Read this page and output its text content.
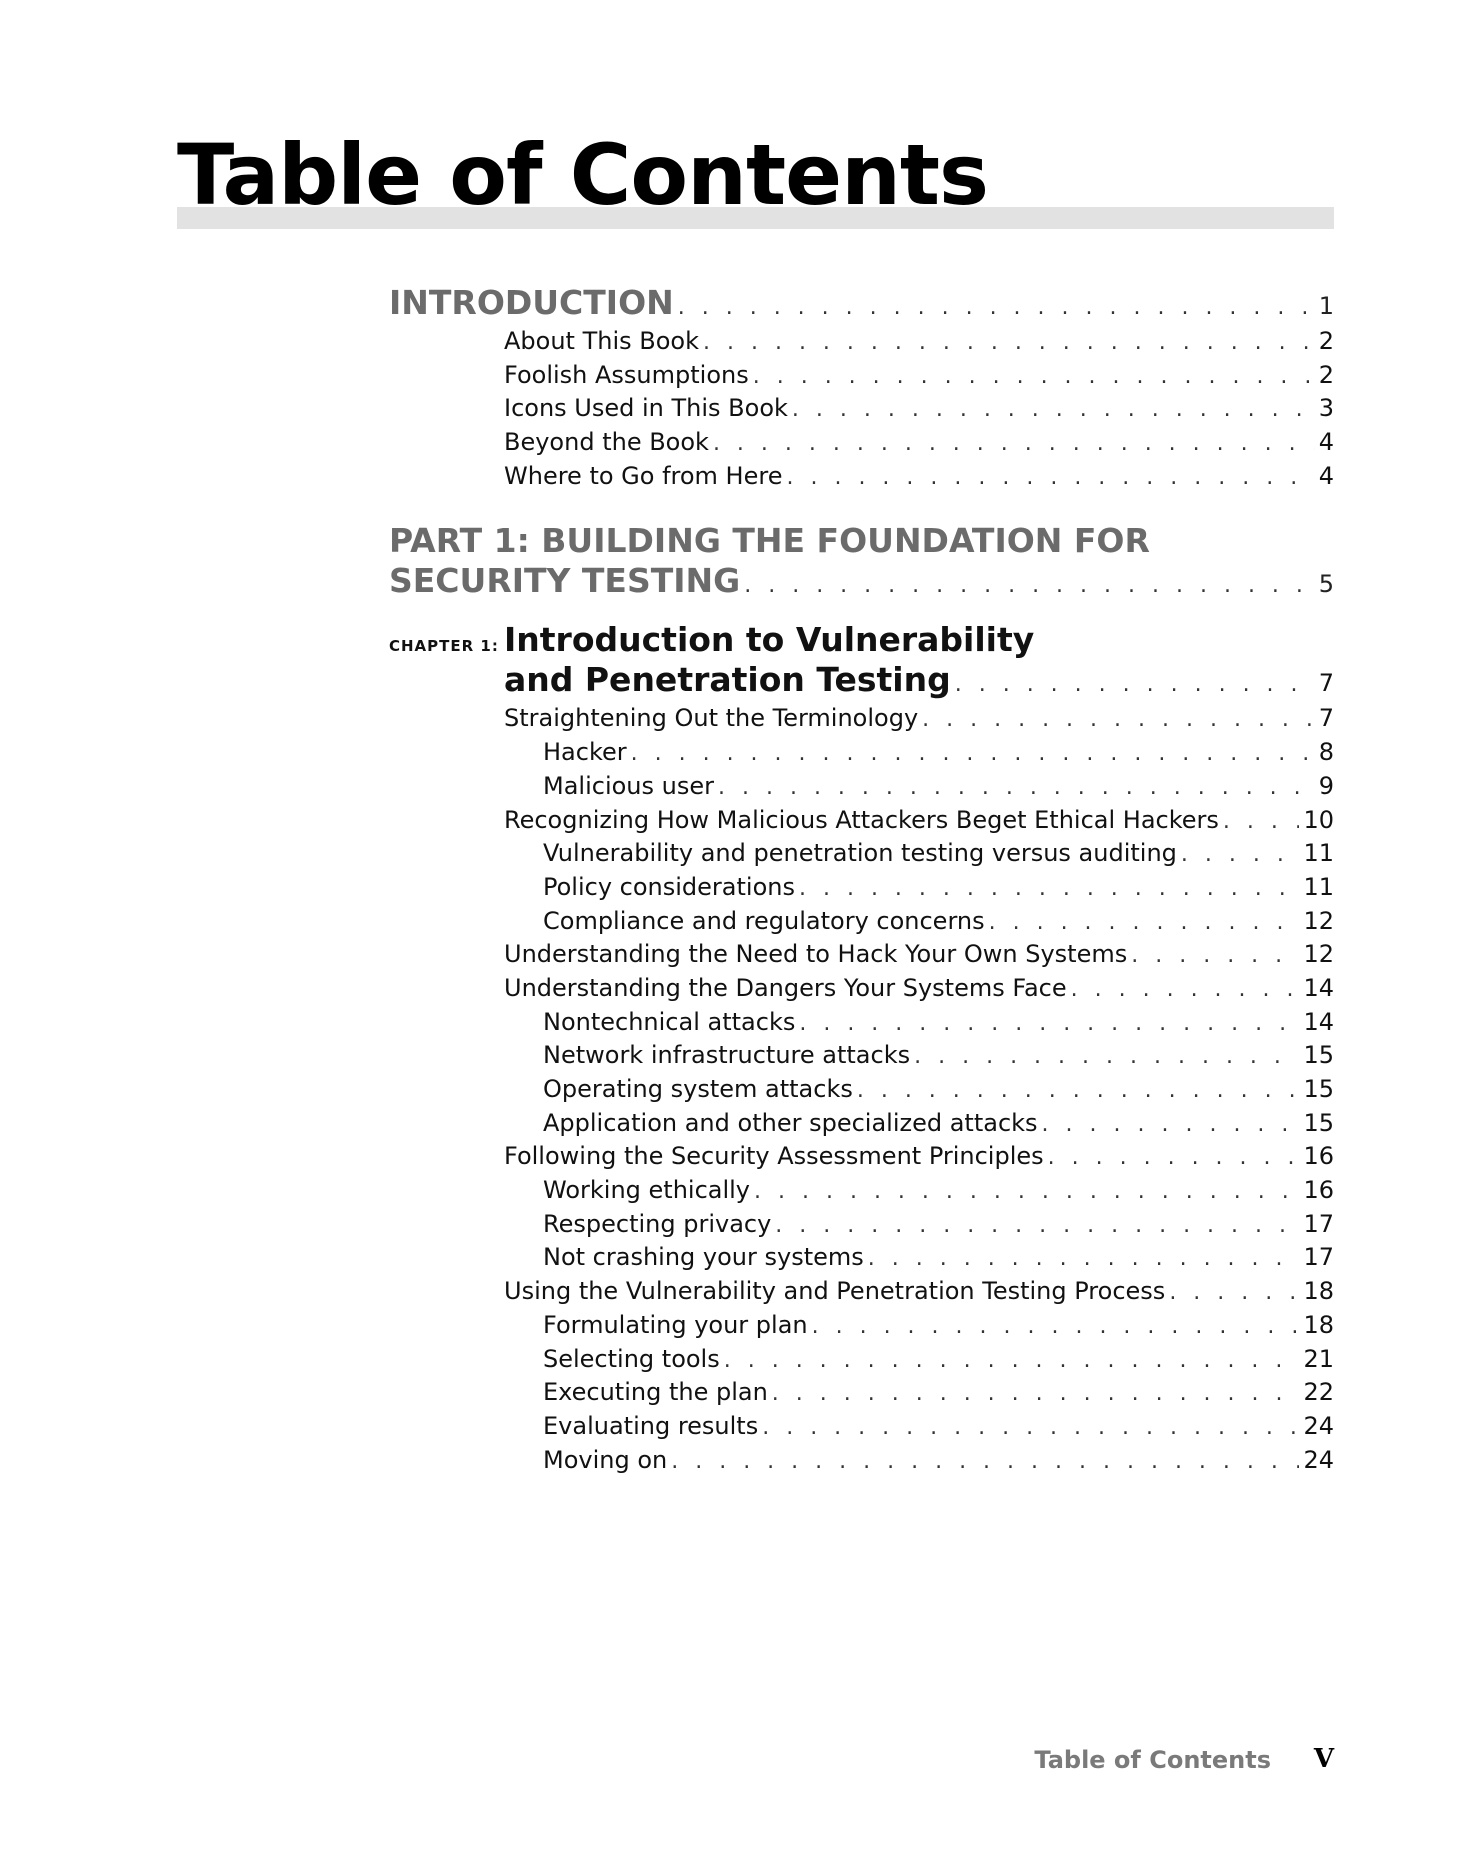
Table of Contents
INTRODUCTION . . .	1
About This Book . . .	2
Foolish Assumptions . . .	2
Icons Used in This Book . . .	3
Beyond the Book . . .	4
Where to Go from Here . . .	4
PART 1: BUILDING THE FOUNDATION FOR
SECURITY TESTING . . .	5
CHAPTER 1: Introduction to Vulnerability
and Penetration Testing . . .	7
Straightening Out the Terminology . . .	7
Hacker . . .	8
Malicious user . . .	9
Recognizing How Malicious Attackers Beget Ethical Hackers . . .	10
Vulnerability and penetration testing versus auditing . . .	11
Policy considerations . . .	11
Compliance and regulatory concerns . . .	12
Understanding the Need to Hack Your Own Systems . . .	12
Understanding the Dangers Your Systems Face . . .	14
Nontechnical attacks . . .	14
Network infrastructure attacks . . .	15
Operating system attacks . . .	15
Application and other specialized attacks . . .	15
Following the Security Assessment Principles . . .	16
Working ethically . . .	16
Respecting privacy . . .	17
Not crashing your systems . . .	17
Using the Vulnerability and Penetration Testing Process . . .	18
Formulating your plan . . .	18
Selecting tools . . .	21
Executing the plan . . .	22
Evaluating results . . .	24
Moving on . . .	24
Table of Contents V
